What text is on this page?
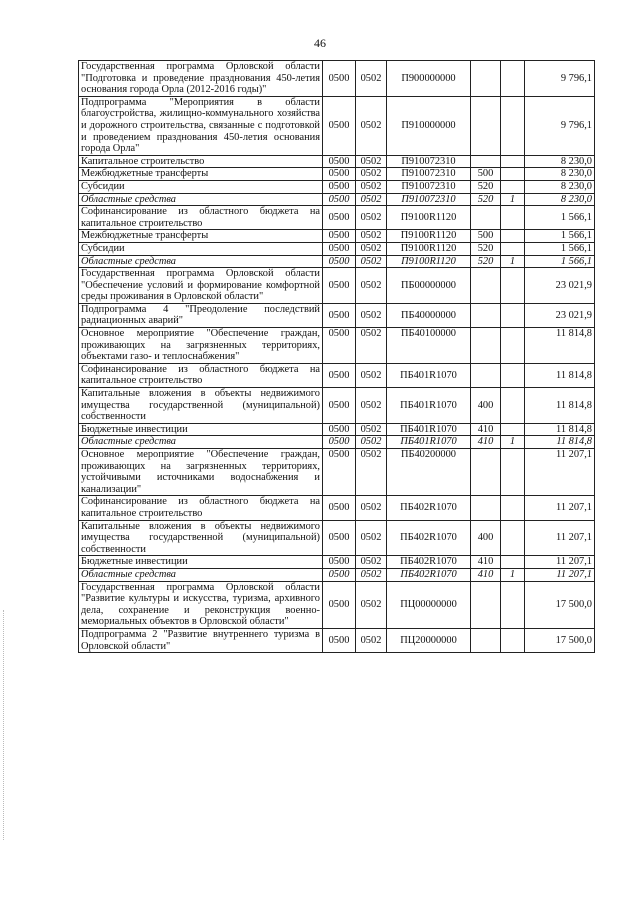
46
Государственная программа Орловской области "Подготовка и проведение празднования 450-летия основания города Орла (2012-2016 годы)"	0500	0502	П900000000			9 796,1
Подпрограмма "Мероприятия в области благоустройства, жилищно-коммунального хозяйства и дорожного строительства, связанные с подготовкой и проведением празднования 450-летия основания города Орла"	0500	0502	П910000000			9 796,1
Капитальное строительство	0500	0502	П910072310			8 230,0
Межбюджетные трансферты	0500	0502	П910072310	500		8 230,0
Субсидии	0500	0502	П910072310	520		8 230,0
Областные средства	0500	0502	П910072310	520	1	8 230,0
Софинансирование из областного бюджета на капитальное строительство	0500	0502	П9100R1120			1 566,1
Межбюджетные трансферты	0500	0502	П9100R1120	500		1 566,1
Субсидии	0500	0502	П9100R1120	520		1 566,1
Областные средства	0500	0502	П9100R1120	520	1	1 566,1
Государственная программа Орловской области "Обеспечение условий и формирование комфортной среды проживания в Орловской области"	0500	0502	ПБ00000000			23 021,9
Подпрограмма 4 "Преодоление последствий радиационных аварий"	0500	0502	ПБ40000000			23 021,9
Основное мероприятие "Обеспечение граждан, проживающих на загрязненных территориях, объектами газо- и теплоснабжения"	0500	0502	ПБ40100000			11 814,8
Софинансирование из областного бюджета на капитальное строительство	0500	0502	ПБ401R1070			11 814,8
Капитальные вложения в объекты недвижимого имущества государственной (муниципальной) собственности	0500	0502	ПБ401R1070	400		11 814,8
Бюджетные инвестиции	0500	0502	ПБ401R1070	410		11 814,8
Областные средства	0500	0502	ПБ401R1070	410	1	11 814,8
Основное мероприятие "Обеспечение граждан, проживающих на загрязненных территориях, устойчивыми источниками водоснабжения и канализации"	0500	0502	ПБ40200000			11 207,1
Софинансирование из областного бюджета на капитальное строительство	0500	0502	ПБ402R1070			11 207,1
Капитальные вложения в объекты недвижимого имущества государственной (муниципальной) собственности	0500	0502	ПБ402R1070	400		11 207,1
Бюджетные инвестиции	0500	0502	ПБ402R1070	410		11 207,1
Областные средства	0500	0502	ПБ402R1070	410	1	11 207,1
Государственная программа Орловской области "Развитие культуры и искусства, туризма, архивного дела, сохранение и реконструкция военно-мемориальных объектов в Орловской области"	0500	0502	ПЦ00000000			17 500,0
Подпрограмма 2 "Развитие внутреннего туризма в Орловской области"	0500	0502	ПЦ20000000			17 500,0
